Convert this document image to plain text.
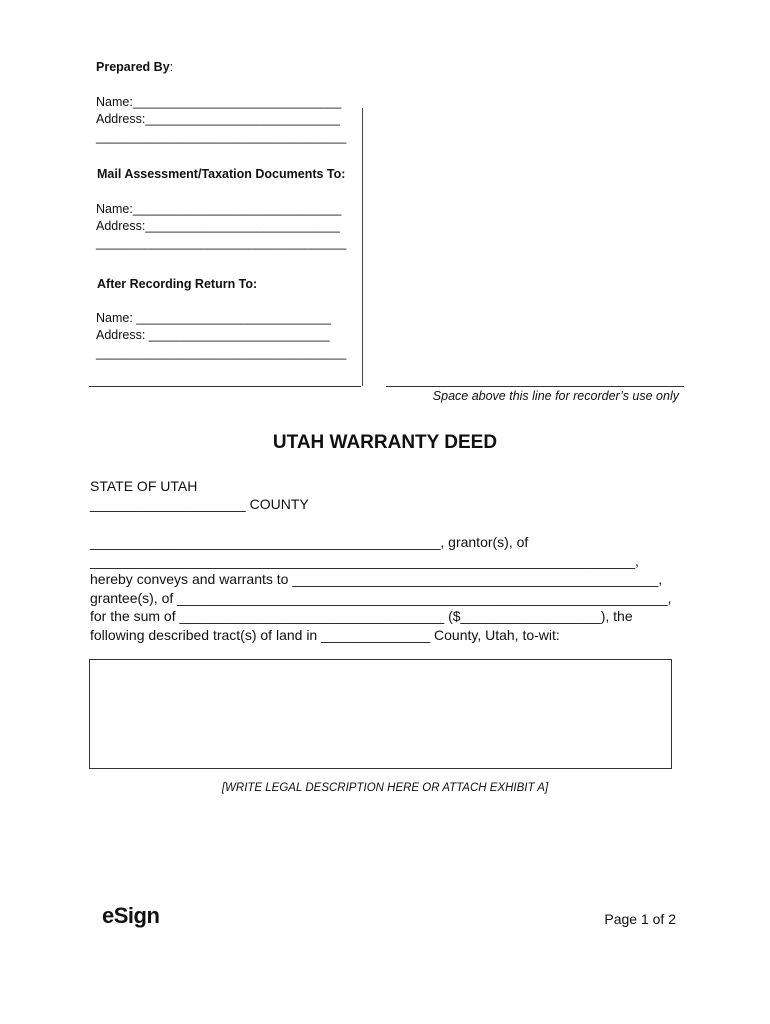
Prepared By:
Name:______________________________
Address:____________________________
____________________________________
Mail Assessment/Taxation Documents To:
Name:______________________________
Address:____________________________
____________________________________
After Recording Return To:
Name: ____________________________
Address: __________________________
____________________________________
Space above this line for recorder’s use only
UTAH WARRANTY DEED
STATE OF UTAH
____________________ COUNTY
_____________________________________________, grantor(s), of
______________________________________________________________________,
hereby conveys and warrants to _______________________________________________,
grantee(s), of _______________________________________________________________,
for the sum of __________________________________ ($__________________), the
following described tract(s) of land in ______________ County, Utah, to-wit:
[WRITE LEGAL DESCRIPTION HERE OR ATTACH EXHIBIT A]
eSign	Page 1 of 2
